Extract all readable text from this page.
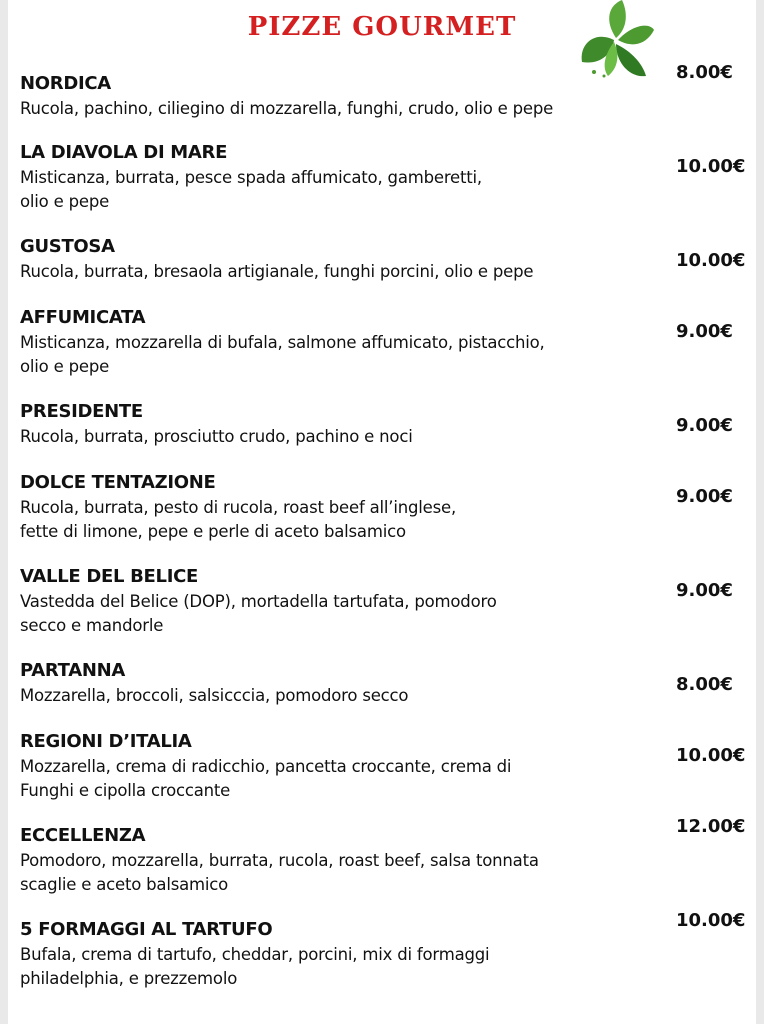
PIZZE GOURMET
NORDICA
Rucola, pachino, ciliegino di mozzarella, funghi, crudo, olio e pepe
8.00€
LA DIAVOLA DI MARE
Misticanza, burrata, pesce spada affumicato, gamberetti,
olio e pepe
10.00€
GUSTOSA
Rucola, burrata, bresaola artigianale, funghi porcini, olio e pepe
10.00€
AFFUMICATA
Misticanza, mozzarella di bufala, salmone affumicato, pistacchio,
olio e pepe
9.00€
PRESIDENTE
Rucola, burrata, prosciutto crudo, pachino e noci
9.00€
DOLCE TENTAZIONE
Rucola, burrata, pesto di rucola, roast beef all’inglese,
fette di limone, pepe e perle di aceto balsamico
9.00€
VALLE DEL BELICE
Vastedda del Belice (DOP), mortadella tartufata, pomodoro
secco e mandorle
9.00€
PARTANNA
Mozzarella, broccoli, salsicccia, pomodoro secco
8.00€
REGIONI D’ITALIA
Mozzarella, crema di radicchio, pancetta croccante, crema di
Funghi e cipolla croccante
10.00€
ECCELLENZA
Pomodoro, mozzarella, burrata, rucola, roast beef, salsa tonnata
scaglie e aceto balsamico
12.00€
5 FORMAGGI AL TARTUFO
Bufala, crema di tartufo, cheddar, porcini, mix di formaggi
philadelphia, e prezzemolo
10.00€
